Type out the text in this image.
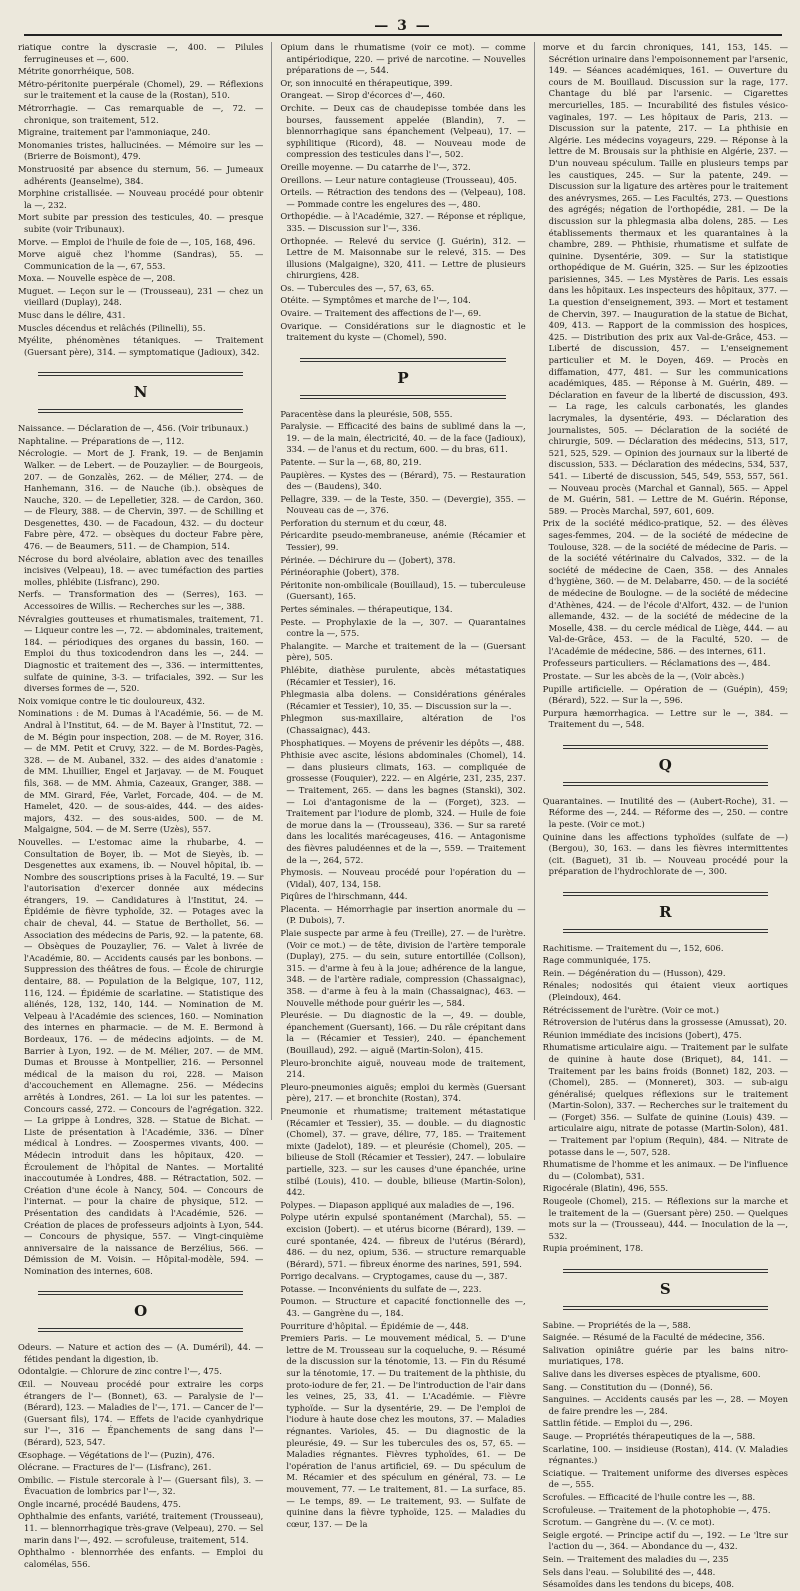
— 3 —
riatique contre la dyscrasie —, 400. — Pilules ferrugineuses et —, 600.
Métrite gonorrhéique, 508.
Métro-péritonite puerpérale (Chomel), 29. — Réflexions sur le traitement et la cause de la (Rostan), 510.
Métrorrhagie. — Cas remarquable de —, 72. — chronique, son traitement, 512.
Migraine, traitement par l'ammoniaque, 240.
Monomanies tristes, hallucinées. — Mémoire sur les — (Brierre de Boismont), 479.
Monstruosité par absence du sternum, 56. — Jumeaux adhérents (Jeanselme), 384.
Morphine cristallisée. — Nouveau procédé pour obtenir la —, 232.
Mort subite par pression des testicules, 40. — presque subite (voir Tribunaux).
Morve. — Emploi de l'huile de foie de —, 105, 168, 496.
Morve aiguë chez l'homme (Sandras), 55. — Communication de la —, 67, 553.
Moxa. — Nouvelle espèce de —, 208.
Muguet. — Leçon sur le — (Trousseau), 231 — chez un vieillard (Duplay), 248.
Musc dans le délire, 431.
Muscles décendus et relâchés (Pilinelli), 55.
Myélite, phénomènes tétaniques. — Traitement (Guersant père), 314. — symptomatique (Jadioux), 342.
N
Naissance. — Déclaration de —, 456. (Voir tribunaux.)
Naphtaline. — Préparations de —, 112.
Nécrologie. — Mort de J. Frank, 19. — de Benjamin Walker. — de Lebert. — de Pouzaylier. — de Bourgeois, 207. — de Gonzalès, 262. — de Mélier, 274. — de Hanhemann, 316. — de Nauche (ib.). obsèques de Nauche, 320. — de Lepelletier, 328. — de Cardon, 360. — de Fleury, 388. — de Chervin, 397. — de Schilling et Desgenettes, 430. — de Facadoun, 432. — du docteur Fabre père, 472. — obsèques du docteur Fabre père, 476. — de Beaumers, 511. — de Champion, 514.
Nécrose du bord alvéolaire, ablation avec des tenailles incisives (Velpeau), 18. — avec tuméfaction des parties molles, phlébite (Lisfranc), 290.
Nerfs. — Transformation des — (Serres), 163. — Accessoires de Willis. — Recherches sur les —, 388.
Névralgies goutteuses et rhumatismales, traitement, 71. — Liqueur contre les —, 72. — abdominales, traitement, 184. — périodiques des organes du bassin, 160. — Emploi du thus toxicodendron dans les —, 244. — Diagnostic et traitement des —, 336. — intermittentes, sulfate de quinine, 3-3. — trifaciales, 392. — Sur les diverses formes de —, 520.
Noix vomique contre le tic douloureux, 432.
Nominations : de M. Dumas à l'Académie, 56. — de M. Andral à l'Institut, 64. — de M. Bayer à l'Institut, 72. — de M. Bégin pour inspection, 208. — de M. Royer, 316. — de MM. Petit et Cruvy, 322. — de M. Bordes-Pagès, 328. — de M. Aubanel, 332. — des aides d'anatomie : de MM. Lhuillier, Engel et Jarjavay. — de M. Fouquet fils, 368. — de MM. Ahmia, Cazeaux, Granger, 388. — de MM. Girard, Fée, Varlet, Forcade, 404. — de M. Hamelet, 420. — de sous-aides, 444. — des aides-majors, 432. — des sous-aides, 500. — de M. Malgaigne, 504. — de M. Serre (Uzès), 557.
Nouvelles. — L'estomac aime la rhubarbe, 4. — Consultation de Boyer, ib. — Mot de Sieyès, ib. — Desgenettes aux examens, ib. — Nouvel hôpital, ib. — Nombre des souscriptions prises à la Faculté, 19. — Sur l'autorisation d'exercer donnée aux médecins étrangers, 19. — Candidatures à l'Institut, 24. — Épidémie de fièvre typhoïde, 32. — Potages avec la chair de cheval, 44. — Statue de Berthollet, 56. — Association des médecins de Paris, 92. — la patente, 68. — Obsèques de Pouzaylier, 76. — Valet à livrée de l'Académie, 80. — Accidents causés par les bonbons. — Suppression des théâtres de fous. — École de chirurgie dentaire, 88. — Population de la Belgique, 107, 112, 116, 124. — Épidémie de scarlatine. — Statistique des aliénés, 128, 132, 140, 144. — Nomination de M. Velpeau à l'Académie des sciences, 160. — Nomination des internes en pharmacie. — de M. E. Bermond à Bordeaux, 176. — de médecins adjoints. — de M. Barrier à Lyon, 192. — de M. Mélier, 207. — de MM. Dumas et Brousse à Montpellier, 216. — Personnel médical de la maison du roi, 228. — Maison d'accouchement en Allemagne. 256. — Médecins arrêtés à Londres, 261. — La loi sur les patentes. — Concours cassé, 272. — Concours de l'agrégation. 322. — La grippe à Londres, 328. — Statue de Bichat. — Liste de présentation à l'Académie, 336. — Dîner médical à Londres. — Zoospermes vivants, 400. — Médecin introduit dans les hôpitaux, 420. — Écroulement de l'hôpital de Nantes. — Mortalité inaccoutumée à Londres, 488. — Rétractation, 502. — Création d'une école à Nancy, 504. — Concours de l'internat. — pour la chaire de physique, 512. — Présentation des candidats à l'Académie, 526. — Création de places de professeurs adjoints à Lyon, 544. — Concours de physique, 557. — Vingt-cinquième anniversaire de la naissance de Berzélius, 566. — Démission de M. Voisin. — Hôpital-modèle, 594. — Nomination des internes, 608.
O
Odeurs. — Nature et action des — (A. Duméril), 44. — fétides pendant la digestion, ib.
Odontalgie. — Chlorure de zinc contre l'—, 475.
Œil. — Nouveau procédé pour extraire les corps étrangers de l'— (Bonnet), 63. — Paralysie de l'— (Bérard), 123. — Maladies de l'—, 171. — Cancer de l'— (Guersant fils), 174. — Effets de l'acide cyanhydrique sur l'—, 316 — Épanchements de sang dans l'— (Bérard), 523, 547.
Œsophage. — Végétations de l'— (Puzin), 476.
Olécrane. — Fractures de l'— (Lisfranc), 261.
Ombilic. — Fistule stercorale à l'— (Guersant fils), 3. — Évacuation de lombrics par l'—, 32.
Ongle incarné, procédé Baudens, 475.
Ophthalmie des enfants, variété, traitement (Trousseau), 11. — blennorrhagique très-grave (Velpeau), 270. — Sel marin dans l'—, 492. — scrofuleuse, traitement, 514.
Ophthalmo - blennorrhée des enfants. — Emploi du calomélas, 556.
Opium dans le rhumatisme (voir ce mot). — comme antipériodique, 220. — privé de narcotine. — Nouvelles préparations de —, 544.
Or, son innocuité en thérapeutique, 399.
Orangeat. — Sirop d'écorces d'—, 460.
Orchite. — Deux cas de chaudepisse tombée dans les bourses, faussement appelée (Blandin), 7. — blennorrhagique sans épanchement (Velpeau), 17. — syphilitique (Ricord), 48. — Nouveau mode de compression des testicules dans l'—, 502.
Oreille moyenne. — Du catarrhe de l'—, 372.
Oreillons. — Leur nature contagieuse (Trousseau), 405.
Orteils. — Rétraction des tendons des — (Velpeau), 108. — Pommade contre les engelures des —, 480.
Orthopédie. — à l'Académie, 327. — Réponse et réplique, 335. — Discussion sur l'—, 336.
Orthopnée. — Relevé du service (J. Guérin), 312. — Lettre de M. Maisonnabe sur le relevé, 315. — Des illusions (Malgaigne), 320, 411. — Lettre de plusieurs chirurgiens, 428.
Os. — Tubercules des —, 57, 63, 65.
Otéite. — Symptômes et marche de l'—, 104.
Ovaire. — Traitement des affections de l'—, 69.
Ovarique. — Considérations sur le diagnostic et le traitement du kyste — (Chomel), 590.
P
Paracentèse dans la pleurésie, 508, 555.
Paralysie. — Efficacité des bains de sublimé dans la —, 19. — de la main, électricité, 40. — de la face (Jadioux), 334. — de l'anus et du rectum, 600. — du bras, 611.
Patente. — Sur la —, 68, 80, 219.
Paupières. — Kystes des — (Bérard), 75. — Restauration des — (Baudens), 340.
Pellagre, 339. — de la Teste, 350. — (Devergie), 355. — Nouveau cas de —, 376.
Perforation du sternum et du cœur, 48.
Péricardite pseudo-membraneuse, anémie (Récamier et Tessier), 99.
Périnée. — Déchirure du — (Jobert), 378.
Périnéoraphie (Jobert), 378.
Péritonite non-ombilicale (Bouillaud), 15. — tuberculeuse (Guersant), 165.
Pertes séminales. — thérapeutique, 134.
Peste. — Prophylaxie de la —, 307. — Quarantaines contre la —, 575.
Phalangite. — Marche et traitement de la — (Guersant père), 505.
Phlébite, diathèse purulente, abcès métastatiques (Récamier et Tessier), 16.
Phlegmasia alba dolens. — Considérations générales (Récamier et Tessier), 10, 35. — Discussion sur la —.
Phlegmon sus-maxillaire, altération de l'os (Chassaignac), 443.
Phosphatiques. — Moyens de prévenir les dépôts —, 488.
Phthisie avec ascite, lésions abdominales (Chomel), 14. — dans plusieurs climats, 163. — compliquée de grossesse (Fouquier), 222. — en Algérie, 231, 235, 237. — Traitement, 265. — dans les bagnes (Stanski), 302. — Loi d'antagonisme de la — (Forget), 323. — Traitement par l'iodure de plomb, 324. — Huile de foie de morue dans la — (Trousseau), 336. — Sur sa rareté dans les localités marécageuses, 416. — Antagonisme des fièvres paludéennes et de la —, 559. — Traitement de la —, 264, 572.
Phymosis. — Nouveau procédé pour l'opération du — (Vidal), 407, 134, 158.
Piqûres de l'hirschmann, 444.
Placenta. — Hémorrhagie par insertion anormale du — (P. Dubois), 7.
Plaie suspecte par arme à feu (Treille), 27. — de l'urètre. (Voir ce mot.) — de tête, division de l'artère temporale (Duplay), 275. — du sein, suture entortillée (Collson), 315. — d'arme à feu à la joue; adhérence de la langue, 348. — de l'artère radiale, compression (Chassaignac), 358. — d'arme à feu à la main (Chassaignac), 463. — Nouvelle méthode pour guérir les —, 584.
Pleurésie. — Du diagnostic de la —, 49. — double, épanchement (Guersant), 166. — Du râle crépitant dans la — (Récamier et Tessier), 240. — épanchement (Bouillaud), 292. — aiguë (Martin-Solon), 415.
Pleuro-bronchite aiguë, nouveau mode de traitement, 214.
Pleuro-pneumonies aiguës; emploi du kermès (Guersant père), 217. — et bronchite (Rostan), 374.
Pneumonie et rhumatisme; traitement métastatique (Récamier et Tessier), 35. — double. — du diagnostic (Chomel), 37. — grave, délire, 77, 185. — Traitement mixte (Jadelot), 189. — et pleurésie (Chomel), 205. — bilieuse de Stoll (Récamier et Tessier), 247. — lobulaire partielle, 323. — sur les causes d'une épanchée, urine stilbé (Louis), 410. — double, bilieuse (Martin-Solon), 442.
Polypes. — Diapason appliqué aux maladies de —, 196.
Polype utérin expulsé spontanément (Marchal), 55. — excision (Jobert). — et utérus bicorne (Bérard), 139. — curé spontanée, 424. — fibreux de l'utérus (Bérard), 486. — du nez, opium, 536. — structure remarquable (Bérard), 571. — fibreux énorme des narines, 591, 594.
Porrigo decalvans. — Cryptogames, cause du —, 387.
Potasse. — Inconvénients du sulfate de —, 223.
Poumon. — Structure et capacité fonctionnelle des —, 43. — Gangrène du —, 184.
Pourriture d'hôpital. — Épidémie de —, 448.
Premiers Paris. — Le mouvement médical, 5. — D'une lettre de M. Trousseau sur la coqueluche, 9. — Résumé de la discussion sur la ténotomie, 13. — Fin du Résumé sur la ténotomie, 17. — Du traitement de la phthisie, du proto-iodure de fer, 21. — De l'introduction de l'air dans les veines, 25, 33, 41. — L'Académie. — Fièvre typhoïde. — Sur la dysentérie, 29. — De l'emploi de l'iodure à haute dose chez les moutons, 37. — Maladies régnantes. Varioles, 45. — Du diagnostic de la pleurésie, 49. — Sur les tubercules des os, 57, 65. — Maladies régnantes. Fièvres typhoïdes, 61. — De l'opération de l'anus artificiel, 69. — Du spéculum de M. Récamier et des spéculum en général, 73. — Le mouvement, 77. — Le traitement, 81. — La surface, 85. — Le temps, 89. — Le traitement, 93. — Sulfate de quinine dans la fièvre typhoïde, 125. — Maladies du cœur, 137. — De la
morve et du farcin chroniques, 141, 153, 145. — Sécrétion urinaire dans l'empoisonnement par l'arsenic, 149. — Séances académiques, 161. — Ouverture du cours de M. Bouillaud. Discussion sur la rage, 177. Chantage du blé par l'arsenic. — Cigarettes mercurielles, 185. — Incurabilité des fistules vésico-vaginales, 197. — Les hôpitaux de Paris, 213. — Discussion sur la patente, 217. — La phthisie en Algérie. Les médecins voyageurs, 229. — Réponse à la lettre de M. Brousais sur la phthisie en Algérie, 237. — D'un nouveau spéculum. Taille en plusieurs temps par les caustiques, 245. — Sur la patente, 249. — Discussion sur la ligature des artères pour le traitement des anévrysmes, 265. — Les Facultés, 273. — Questions des agrégés; négation de l'orthopédie, 281. — De la discussion sur la phlegmasia alba dolens, 285. — Les établissements thermaux et les quarantaines à la chambre, 289. — Phthisie, rhumatisme et sulfate de quinine. Dysentérie, 309. — Sur la statistique orthopédique de M. Guérin, 325. — Sur les épizooties parisiennes, 345. — Les Mystères de Paris. Les essais dans les hôpitaux. Les inspecteurs des hôpitaux, 377. — La question d'enseignement, 393. — Mort et testament de Chervin, 397. — Inauguration de la statue de Bichat, 409, 413. — Rapport de la commission des hospices, 425. — Distribution des prix aux Val-de-Grâce, 453. — Liberté de discussion, 457. — L'enseignement particulier et M. le Doyen, 469. — Procès en diffamation, 477, 481. — Sur les communications académiques, 485. — Réponse à M. Guérin, 489. — Déclaration en faveur de la liberté de discussion, 493. — La rage, les calculs carbonatés, les glandes lacrymales, la dysentérie, 493. — Déclaration des journalistes, 505. — Déclaration de la société de chirurgie, 509. — Déclaration des médecins, 513, 517, 521, 525, 529. — Opinion des journaux sur la liberté de discussion, 533. — Déclaration des médecins, 534, 537, 541. — Liberté de discussion, 545, 549, 553, 557, 561. — Nouveau procès (Marchal et Gannal), 565. — Appel de M. Guérin, 581. — Lettre de M. Guérin. Réponse, 589. — Procès Marchal, 597, 601, 609.
Prix de la société médico-pratique, 52. — des élèves sages-femmes, 204. — de la société de médecine de Toulouse, 328. — de la société de médecine de Paris. — de la société vétérinaire du Calvados, 332. — de la société de médecine de Caen, 358. — des Annales d'hygiène, 360. — de M. Delabarre, 450. — de la société de médecine de Boulogne. — de la société de médecine d'Athènes, 424. — de l'école d'Alfort, 432. — de l'union allemande, 432. — de la société de médecine de la Moselle, 438. — du cercle médical de Liège, 444. — au Val-de-Grâce, 453. — de la Faculté, 520. — de l'Académie de médecine, 586. — des internes, 611.
Professeurs particuliers. — Réclamations des —, 484.
Prostate. — Sur les abcès de la —, (Voir abcès.)
Pupille artificielle. — Opération de — (Guépin), 459; (Bérard), 522. — Sur la —, 596.
Purpura hæmorrhagica. — Lettre sur le —, 384. — Traitement du —, 548.
Q
Quarantaines. — Inutilité des — (Aubert-Roche), 31. — Réforme des —, 244. — Réforme des —, 250. — contre la peste. (Voir ce mot.)
Quinine dans les affections typhoïdes (sulfate de —) (Bergou), 30, 163. — dans les fièvres intermittentes (cit. (Baguet), 31 ib. — Nouveau procédé pour la préparation de l'hydrochlorate de —, 300.
R
Rachitisme. — Traitement du —, 152, 606.
Rage communiquée, 175.
Rein. — Dégénération du — (Husson), 429.
Rénales; nodosités qui étaient vieux aortiques (Pleindoux), 464.
Rétrécissement de l'urètre. (Voir ce mot.)
Rétroversion de l'utérus dans la grossesse (Amussat), 20.
Réunion immédiate des incisions (Jobert), 475.
Rhumatisme articulaire aigu. — Traitement par le sulfate de quinine à haute dose (Briquet), 84, 141. — Traitement par les bains froids (Bonnet) 182, 203. — (Chomel), 285. — (Monneret), 303. — sub-aigu généralisé; quelques réflexions sur le traitement (Martin-Solon), 337. — Recherches sur le traitement du — (Forget) 356. — Sulfate de quinine (Louis) 439. — articulaire aigu, nitrate de potasse (Martin-Solon), 481. — Traitement par l'opium (Requin), 484. — Nitrate de potasse dans le —, 507, 528.
Rhumatisme de l'homme et les animaux. — De l'influence du — (Colombat), 531.
Rigocérale (Blatin), 496, 555.
Rougeole (Chomel), 215. — Réflexions sur la marche et le traitement de la — (Guersant père) 250. — Quelques mots sur la — (Trousseau), 444. — Inoculation de la —, 532.
Rupia proéminent, 178.
S
Sabine. — Propriétés de la —, 588.
Saignée. — Résumé de la Faculté de médecine, 356.
Salivation opiniâtre guérie par les bains nitro-muriatiques, 178.
Salive dans les diverses espèces de ptyalisme, 600.
Sang. — Constitution du — (Donné), 56.
Sanguines. — Accidents causés par les —, 28. — Moyen de faire prendre les —, 284.
Sattlin fétide. — Emploi du —, 296.
Sauge. — Propriétés thérapeutiques de la —, 588.
Scarlatine, 100. — insidieuse (Rostan), 414. (V. Maladies régnantes.)
Sciatique. — Traitement uniforme des diverses espèces de —, 555.
Scrofules. — Efficacité de l'huile contre les —, 88.
Scrofuleuse. — Traitement de la photophobie —, 475.
Scrotum. — Gangrène du —. (V. ce mot).
Seigle ergoté. — Principe actif du —, 192. — Le 'ltre sur l'action du —, 364. — Abondance du —, 432.
Sein. — Traitement des maladies du —, 235
Sels dans l'eau. — Solubilité des —, 448.
Sésamoïdes dans les tendons du biceps, 408.
